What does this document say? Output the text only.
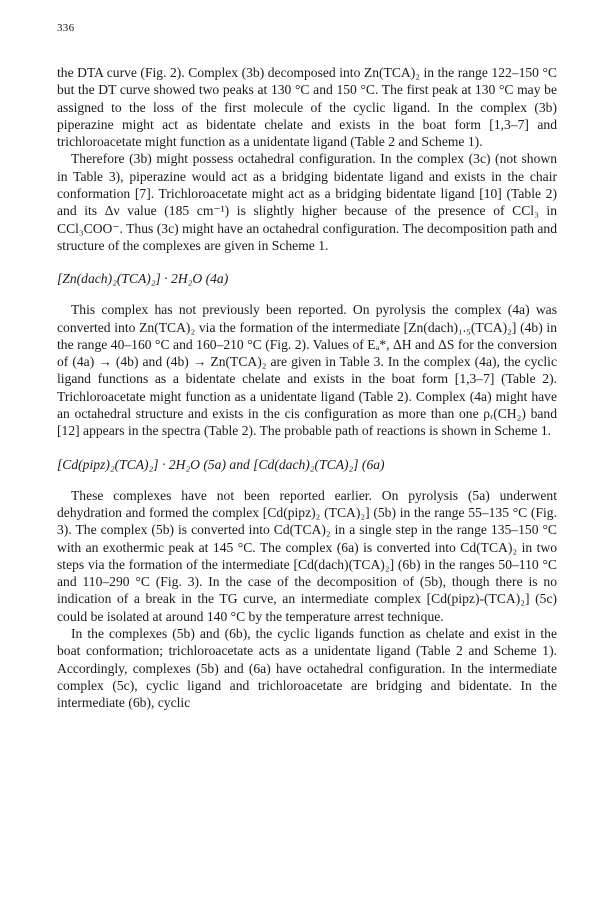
336

the DTA curve (Fig. 2). Complex (3b) decomposed into Zn(TCA)₂ in the range 122–150 °C but the DT curve showed two peaks at 130 °C and 150 °C. The first peak at 130 °C may be assigned to the loss of the first molecule of the cyclic ligand. In the complex (3b) piperazine might act as bidentate chelate and exists in the boat form [1,3–7] and trichloroacetate might function as a unidentate ligand (Table 2 and Scheme 1).

Therefore (3b) might possess octahedral configuration. In the complex (3c) (not shown in Table 3), piperazine would act as a bridging bidentate ligand and exists in the chair conformation [7]. Trichloroacetate might act as a bridging bidentate ligand [10] (Table 2) and its Δν value (185 cm⁻¹) is slightly higher because of the presence of CCl₃ in CCl₃COO⁻. Thus (3c) might have an octahedral configuration. The decomposition path and structure of the complexes are given in Scheme 1.

[Zn(dach)₂(TCA)₂] · 2H₂O (4a)

This complex has not previously been reported. On pyrolysis the complex (4a) was converted into Zn(TCA)₂ via the formation of the intermediate [Zn(dach)₁.₅(TCA)₂] (4b) in the range 40–160 °C and 160–210 °C (Fig. 2). Values of Eₐ*, ΔH and ΔS for the conversion of (4a) → (4b) and (4b) → Zn(TCA)₂ are given in Table 3. In the complex (4a), the cyclic ligand functions as a bidentate chelate and exists in the boat form [1,3–7] (Table 2). Trichloroacetate might function as a unidentate ligand (Table 2). Complex (4a) might have an octahedral structure and exists in the cis configuration as more than one ρᵣ(CH₂) band [12] appears in the spectra (Table 2). The probable path of reactions is shown in Scheme 1.

[Cd(pipz)₂(TCA)₂] · 2H₂O (5a) and [Cd(dach)₂(TCA)₂] (6a)

These complexes have not been reported earlier. On pyrolysis (5a) underwent dehydration and formed the complex [Cd(pipz)₂ (TCA)₂] (5b) in the range 55–135 °C (Fig. 3). The complex (5b) is converted into Cd(TCA)₂ in a single step in the range 135–150 °C with an exothermic peak at 145 °C. The complex (6a) is converted into Cd(TCA)₂ in two steps via the formation of the intermediate [Cd(dach)(TCA)₂] (6b) in the ranges 50–110 °C and 110–290 °C (Fig. 3). In the case of the decomposition of (5b), though there is no indication of a break in the TG curve, an intermediate complex [Cd(pipz)-(TCA)₂] (5c) could be isolated at around 140 °C by the temperature arrest technique.

In the complexes (5b) and (6b), the cyclic ligands function as chelate and exist in the boat conformation; trichloroacetate acts as a unidentate ligand (Table 2 and Scheme 1). Accordingly, complexes (5b) and (6a) have octahedral configuration. In the intermediate complex (5c), cyclic ligand and trichloroacetate are bridging and bidentate. In the intermediate (6b), cyclic
